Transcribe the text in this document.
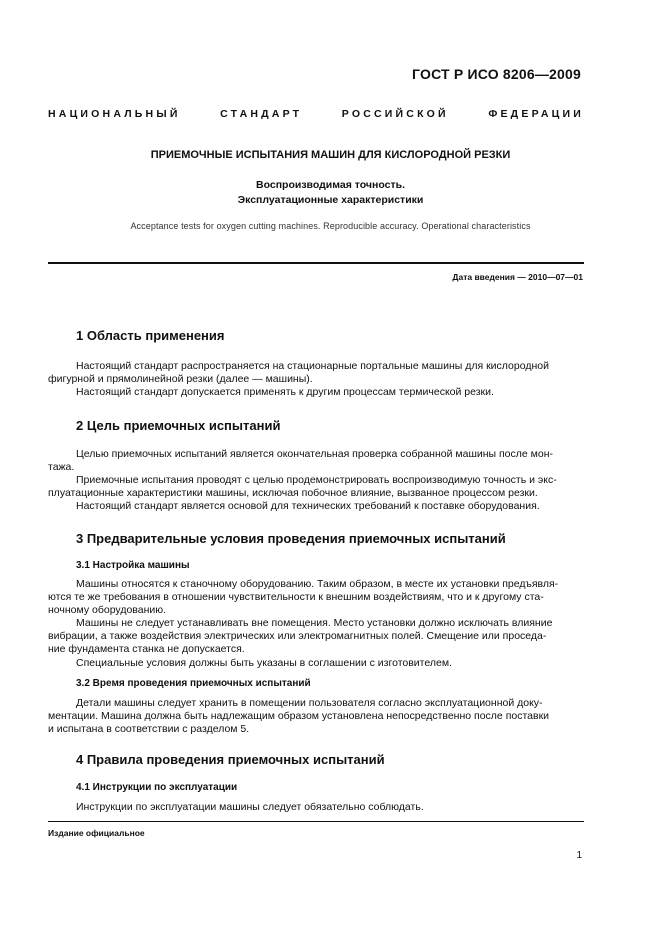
ГОСТ Р ИСО 8206—2009
НАЦИОНАЛЬНЫЙ СТАНДАРТ РОССИЙСКОЙ ФЕДЕРАЦИИ
ПРИЕМОЧНЫЕ ИСПЫТАНИЯ МАШИН ДЛЯ КИСЛОРОДНОЙ РЕЗКИ
Воспроизводимая точность.
Эксплуатационные характеристики
Acceptance tests for oxygen cutting machines. Reproducible accuracy. Operational characteristics
Дата введения — 2010—07—01
1 Область применения
Настоящий стандарт распространяется на стационарные портальные машины для кислородной
фигурной и прямолинейной резки (далее — машины).
Настоящий стандарт допускается применять к другим процессам термической резки.
2 Цель приемочных испытаний
Целью приемочных испытаний является окончательная проверка собранной машины после мон-
тажа.
Приемочные испытания проводят с целью продемонстрировать воспроизводимую точность и экс-
плуатационные характеристики машины, исключая побочное влияние, вызванное процессом резки.
Настоящий стандарт является основой для технических требований к поставке оборудования.
3 Предварительные условия проведения приемочных испытаний
3.1 Настройка машины
Машины относятся к станочному оборудованию. Таким образом, в месте их установки предъявля-
ются те же требования в отношении чувствительности к внешним воздействиям, что и к другому ста-
ночному оборудованию.
Машины не следует устанавливать вне помещения. Место установки должно исключать влияние
вибрации, а также воздействия электрических или электромагнитных полей. Смещение или проседа-
ние фундамента станка не допускается.
Специальные условия должны быть указаны в соглашении с изготовителем.
3.2 Время проведения приемочных испытаний
Детали машины следует хранить в помещении пользователя согласно эксплуатационной доку-
ментации. Машина должна быть надлежащим образом установлена непосредственно после поставки
и испытана в соответствии с разделом 5.
4 Правила проведения приемочных испытаний
4.1 Инструкции по эксплуатации
Инструкции по эксплуатации машины следует обязательно соблюдать.
Издание официальное
1
